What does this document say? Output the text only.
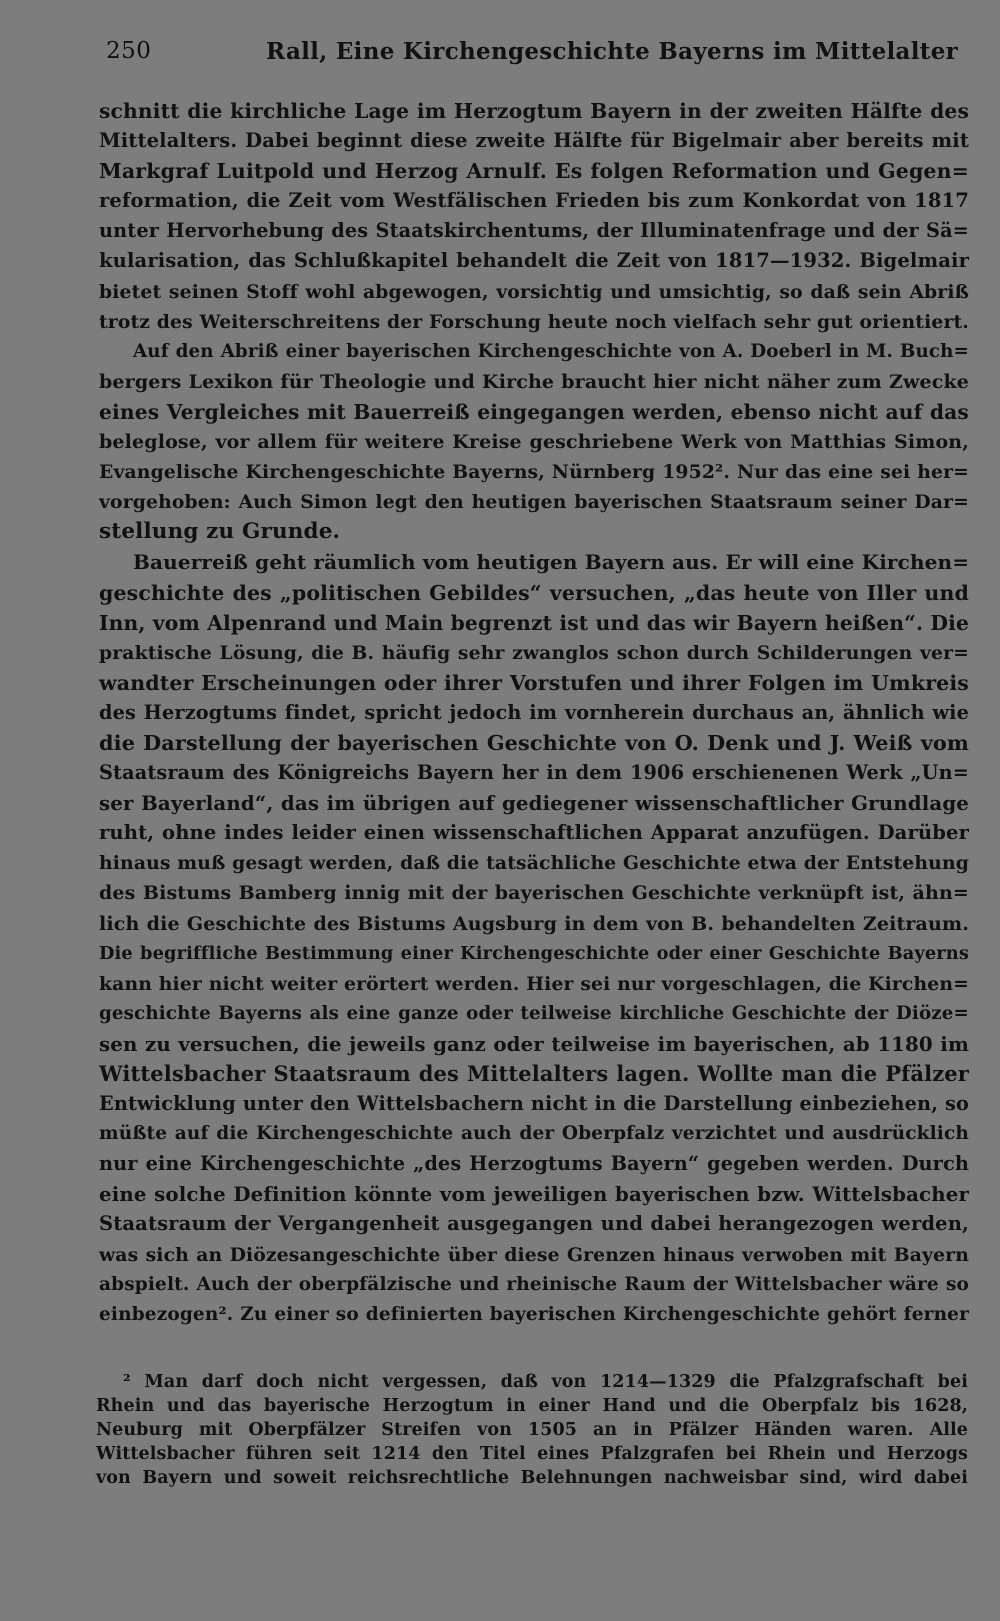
250	Rall, Eine Kirchengeschichte Bayerns im Mittelalter
schnitt die kirchliche Lage im Herzogtum Bayern in der zweiten Hälfte des
Mittelalters. Dabei beginnt diese zweite Hälfte für Bigelmair aber bereits mit
Markgraf Luitpold und Herzog Arnulf. Es folgen Reformation und Gegen=
reformation, die Zeit vom Westfälischen Frieden bis zum Konkordat von 1817
unter Hervorhebung des Staatskirchentums, der Illuminatenfrage und der Sä=
kularisation, das Schlußkapitel behandelt die Zeit von 1817—1932. Bigelmair
bietet seinen Stoff wohl abgewogen, vorsichtig und umsichtig, so daß sein Abriß
trotz des Weiterschreitens der Forschung heute noch vielfach sehr gut orientiert.
Auf den Abriß einer bayerischen Kirchengeschichte von A. Doeberl in M. Buch=
bergers Lexikon für Theologie und Kirche braucht hier nicht näher zum Zwecke
eines Vergleiches mit Bauerreiß eingegangen werden, ebenso nicht auf das
beleglose, vor allem für weitere Kreise geschriebene Werk von Matthias Simon,
Evangelische Kirchengeschichte Bayerns, Nürnberg 1952². Nur das eine sei her=
vorgehoben: Auch Simon legt den heutigen bayerischen Staatsraum seiner Dar=
stellung zu Grunde.
Bauerreiß geht räumlich vom heutigen Bayern aus. Er will eine Kirchen=
geschichte des „politischen Gebildes“ versuchen, „das heute von Iller und
Inn, vom Alpenrand und Main begrenzt ist und das wir Bayern heißen“. Die
praktische Lösung, die B. häufig sehr zwanglos schon durch Schilderungen ver=
wandter Erscheinungen oder ihrer Vorstufen und ihrer Folgen im Umkreis
des Herzogtums findet, spricht jedoch im vornherein durchaus an, ähnlich wie
die Darstellung der bayerischen Geschichte von O. Denk und J. Weiß vom
Staatsraum des Königreichs Bayern her in dem 1906 erschienenen Werk „Un=
ser Bayerland“, das im übrigen auf gediegener wissenschaftlicher Grundlage
ruht, ohne indes leider einen wissenschaftlichen Apparat anzufügen. Darüber
hinaus muß gesagt werden, daß die tatsächliche Geschichte etwa der Entstehung
des Bistums Bamberg innig mit der bayerischen Geschichte verknüpft ist, ähn=
lich die Geschichte des Bistums Augsburg in dem von B. behandelten Zeitraum.
Die begriffliche Bestimmung einer Kirchengeschichte oder einer Geschichte Bayerns
kann hier nicht weiter erörtert werden. Hier sei nur vorgeschlagen, die Kirchen=
geschichte Bayerns als eine ganze oder teilweise kirchliche Geschichte der Diöze=
sen zu versuchen, die jeweils ganz oder teilweise im bayerischen, ab 1180 im
Wittelsbacher Staatsraum des Mittelalters lagen. Wollte man die Pfälzer
Entwicklung unter den Wittelsbachern nicht in die Darstellung einbeziehen, so
müßte auf die Kirchengeschichte auch der Oberpfalz verzichtet und ausdrücklich
nur eine Kirchengeschichte „des Herzogtums Bayern“ gegeben werden. Durch
eine solche Definition könnte vom jeweiligen bayerischen bzw. Wittelsbacher
Staatsraum der Vergangenheit ausgegangen und dabei herangezogen werden,
was sich an Diözesangeschichte über diese Grenzen hinaus verwoben mit Bayern
abspielt. Auch der oberpfälzische und rheinische Raum der Wittelsbacher wäre so
einbezogen². Zu einer so definierten bayerischen Kirchengeschichte gehört ferner
² Man darf doch nicht vergessen, daß von 1214—1329 die Pfalzgrafschaft bei
Rhein und das bayerische Herzogtum in einer Hand und die Oberpfalz bis 1628,
Neuburg mit Oberpfälzer Streifen von 1505 an in Pfälzer Händen waren. Alle
Wittelsbacher führen seit 1214 den Titel eines Pfalzgrafen bei Rhein und Herzogs
von Bayern und soweit reichsrechtliche Belehnungen nachweisbar sind, wird dabei
